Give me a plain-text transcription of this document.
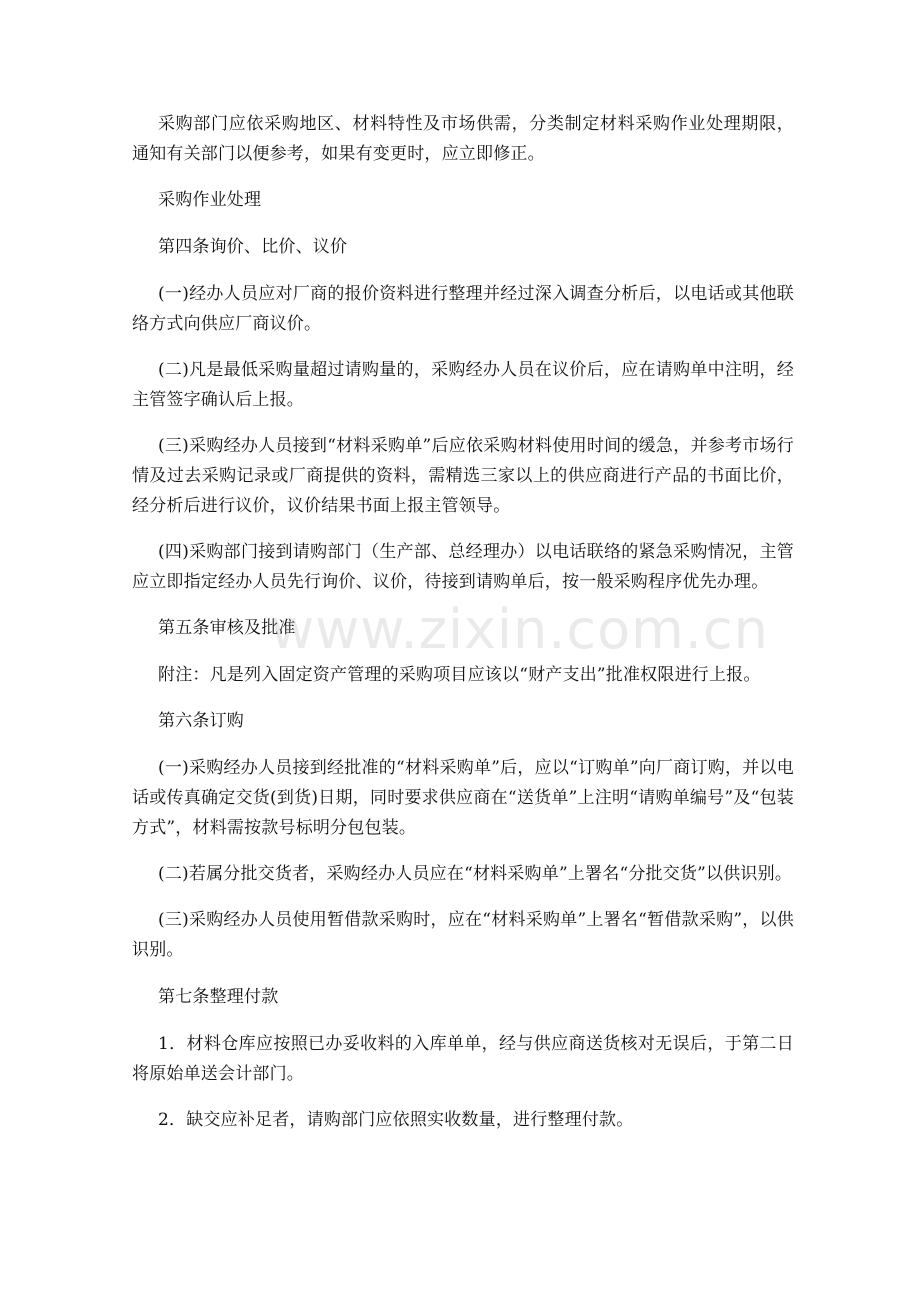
采购部门应依采购地区、材料特性及市场供需，分类制定材料采购作业处理期限，通知有关部门以便参考，如果有变更时，应立即修正。

采购作业处理

第四条询价、比价、议价

(一)经办人员应对厂商的报价资料进行整理并经过深入调查分析后，以电话或其他联络方式向供应厂商议价。

(二)凡是最低采购量超过请购量的，采购经办人员在议价后，应在请购单中注明，经主管签字确认后上报。

(三)采购经办人员接到“材料采购单”后应依采购材料使用时间的缓急，并参考市场行情及过去采购记录或厂商提供的资料，需精选三家以上的供应商进行产品的书面比价，经分析后进行议价，议价结果书面上报主管领导。

(四)采购部门接到请购部门（生产部、总经理办）以电话联络的紧急采购情况，主管应立即指定经办人员先行询价、议价，待接到请购单后，按一般采购程序优先办理。

第五条审核及批准

附注：凡是列入固定资产管理的采购项目应该以“财产支出”批准权限进行上报。

第六条订购

(一)采购经办人员接到经批准的“材料采购单”后，应以“订购单”向厂商订购，并以电话或传真确定交货(到货)日期，同时要求供应商在“送货单”上注明“请购单编号”及“包装方式”，材料需按款号标明分包包装。

(二)若属分批交货者，采购经办人员应在“材料采购单”上署名“分批交货”以供识别。

(三)采购经办人员使用暂借款采购时，应在“材料采购单”上署名“暂借款采购”，以供识别。

第七条整理付款

1．材料仓库应按照已办妥收料的入库单单，经与供应商送货核对无误后，于第二日将原始单送会计部门。

2．缺交应补足者，请购部门应依照实收数量，进行整理付款。

www.zixin.com.cn
